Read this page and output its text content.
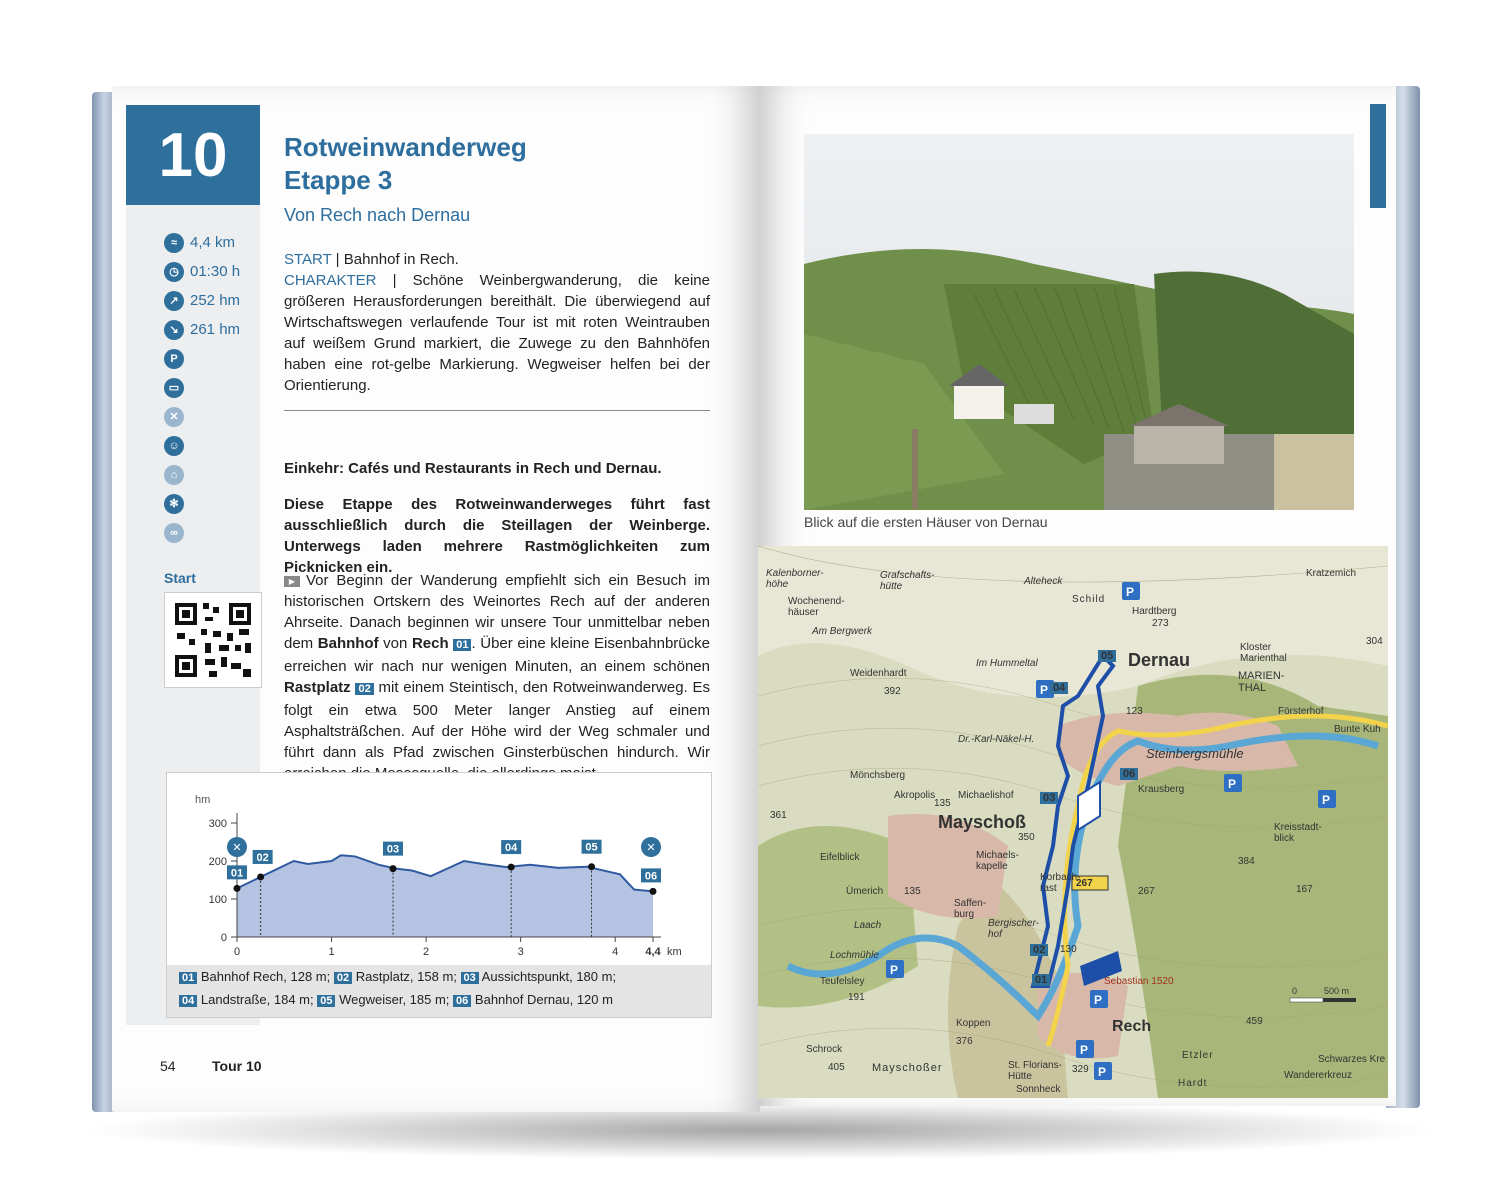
10	Rotweinwanderweg
Etappe 3
Von Rech nach Dernau
≈ 4,4 km
◷ 01:30 h
↗ 252 hm
↘ 261 hm
P
▭
✕
☺
⌂
✻
∞
Start
START | Bahnhof in Rech.
CHARAKTER | Schöne Weinbergwanderung, die keine größeren Herausforderungen bereithält. Die überwiegend auf Wirtschaftswegen verlaufende Tour ist mit roten Weintrauben auf weißem Grund markiert, die Zuwege zu den Bahnhöfen haben eine rot-gelbe Markierung. Wegweiser helfen bei der Orientierung.
Einkehr: Cafés und Restaurants in Rech und Dernau.
Diese Etappe des Rotweinwanderweges führt fast ausschließlich durch die Steillagen der Weinberge. Unterwegs laden mehrere Rastmöglichkeiten zum Picknicken ein.
▶ Vor Beginn der Wanderung empfiehlt sich ein Besuch im historischen Ortskern des Weinortes Rech auf der anderen Ahrseite. Danach beginnen wir unsere Tour unmittelbar neben dem Bahnhof von Rech 01 . Über eine kleine Eisenbahnbrücke erreichen wir nach nur wenigen Minuten, an einem schönen Rastplatz 02 mit einem Steintisch, den Rotweinwanderweg. Es folgt ein etwa 500 Meter langer Anstieg auf einem Asphaltsträßchen. Auf der Höhe wird der Weg schmaler und führt dann als Pfad zwischen Ginsterbüschen hindurch. Wir
hm
0
100
200
300
0	1	2	3	4 4,4 km
01
02
03	04	05
06
✕	✕
01 Bahnhof Rech, 128 m; 02 Rastplatz, 158 m; 03 Aussichtspunkt, 180 m;
04 Landstraße, 184 m; 05 Wegweiser, 185 m; 06 Bahnhof Dernau, 120 m
54	Tour 10
Blick auf die ersten Häuser von Dernau
P
P
P
P
P
P
P
P
Dernau
Mayschoß
Rech
Kalenborner-höhe
Grafschafts-hütte	Alteheck
Schild
Hardtberg
273
Kratzemich
Wochenend-häuser
Am Bergwerk
Weidenhardt
392
Im Hummeltal
Kloster Marienthal
MARIEN-THAL
Försterhof
123
Dr.-Karl-Näkel-H.
Steinbergsmühle
Bunte Kuh
Mönchsberg
Akropolis Michaelishof
Krausberg
361
135
350
Michaels-kapelle
Eifelblick
Korbach-rast
Kreisstadt-blick
384
167
Ümerich 135
Saffen-burg
Bergischer-hof
267
267
Laach
130
Sebastian 1520
Lochmühle
Teufelsley
191
Koppen
376
459
Schrock
405 Mayschoßer	St. Florians-Hütte
Sonnheck
329
Etzler
Hardt
Schwarzes Kre
Wandererkreuz
0	500 m
304
01
02
03
04
05
06
